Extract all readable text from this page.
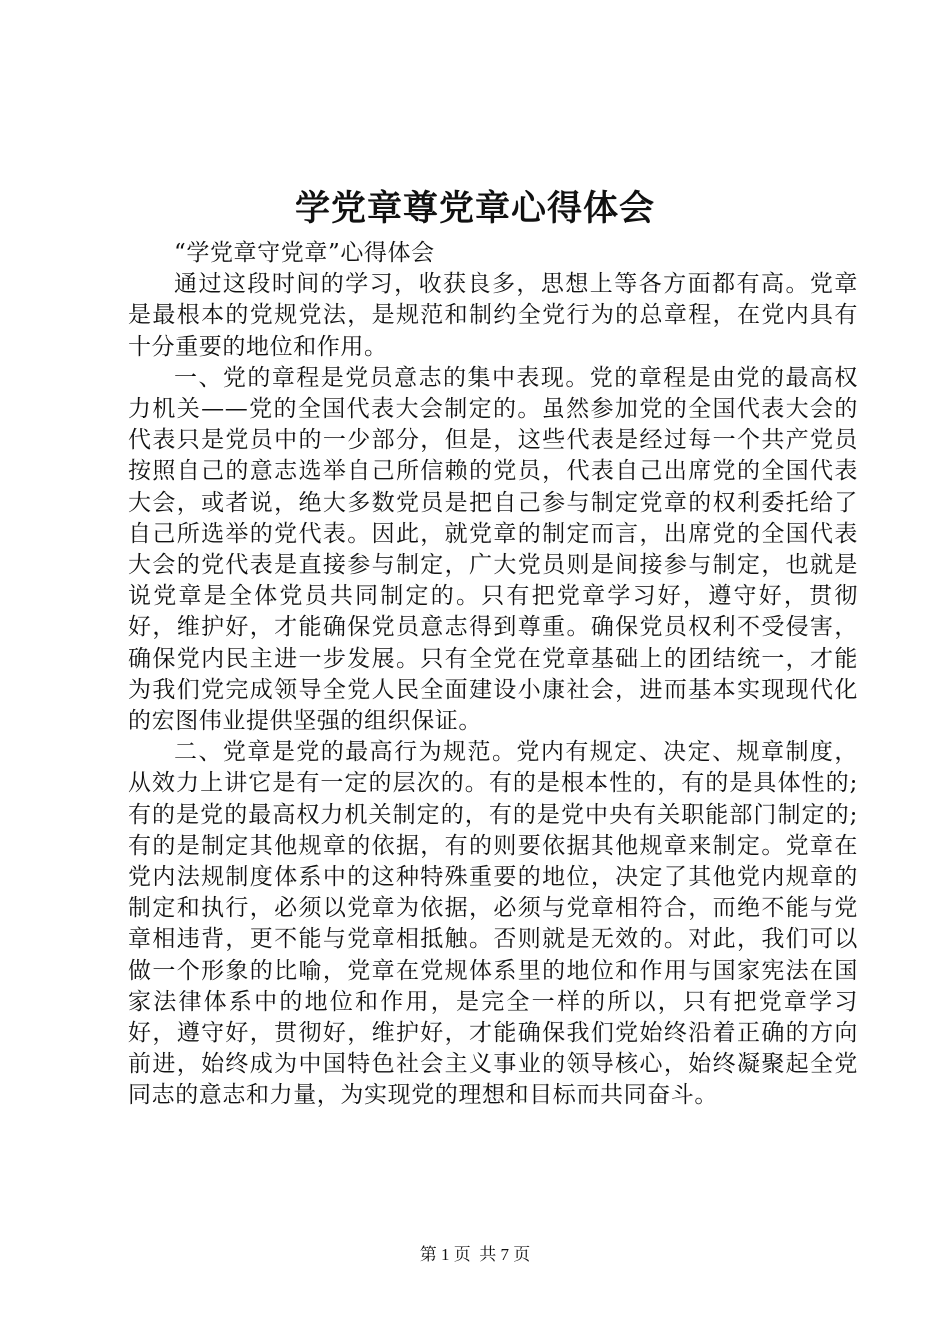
学党章尊党章心得体会

“学党章守党章”心得体会

通过这段时间的学习，收获良多，思想上等各方面都有高。党章是最根本的党规党法，是规范和制约全党行为的总章程，在党内具有十分重要的地位和作用。

一、党的章程是党员意志的集中表现。党的章程是由党的最高权力机关——党的全国代表大会制定的。虽然参加党的全国代表大会的代表只是党员中的一少部分，但是，这些代表是经过每一个共产党员按照自己的意志选举自己所信赖的党员，代表自己出席党的全国代表大会，或者说，绝大多数党员是把自己参与制定党章的权利委托给了自己所选举的党代表。因此，就党章的制定而言，出席党的全国代表大会的党代表是直接参与制定，广大党员则是间接参与制定，也就是说党章是全体党员共同制定的。只有把党章学习好，遵守好，贯彻好，维护好，才能确保党员意志得到尊重。确保党员权利不受侵害，确保党内民主进一步发展。只有全党在党章基础上的团结统一，才能为我们党完成领导全党人民全面建设小康社会，进而基本实现现代化的宏图伟业提供坚强的组织保证。

二、党章是党的最高行为规范。党内有规定、决定、规章制度，从效力上讲它是有一定的层次的。有的是根本性的，有的是具体性的;有的是党的最高权力机关制定的，有的是党中央有关职能部门制定的;有的是制定其他规章的依据，有的则要依据其他规章来制定。党章在党内法规制度体系中的这种特殊重要的地位，决定了其他党内规章的制定和执行，必须以党章为依据，必须与党章相符合，而绝不能与党章相违背，更不能与党章相抵触。否则就是无效的。对此，我们可以做一个形象的比喻，党章在党规体系里的地位和作用与国家宪法在国家法律体系中的地位和作用，是完全一样的所以，只有把党章学习好，遵守好，贯彻好，维护好，才能确保我们党始终沿着正确的方向前进，始终成为中国特色社会主义事业的领导核心，始终凝聚起全党同志的意志和力量，为实现党的理想和目标而共同奋斗。

第 1 页  共 7 页
